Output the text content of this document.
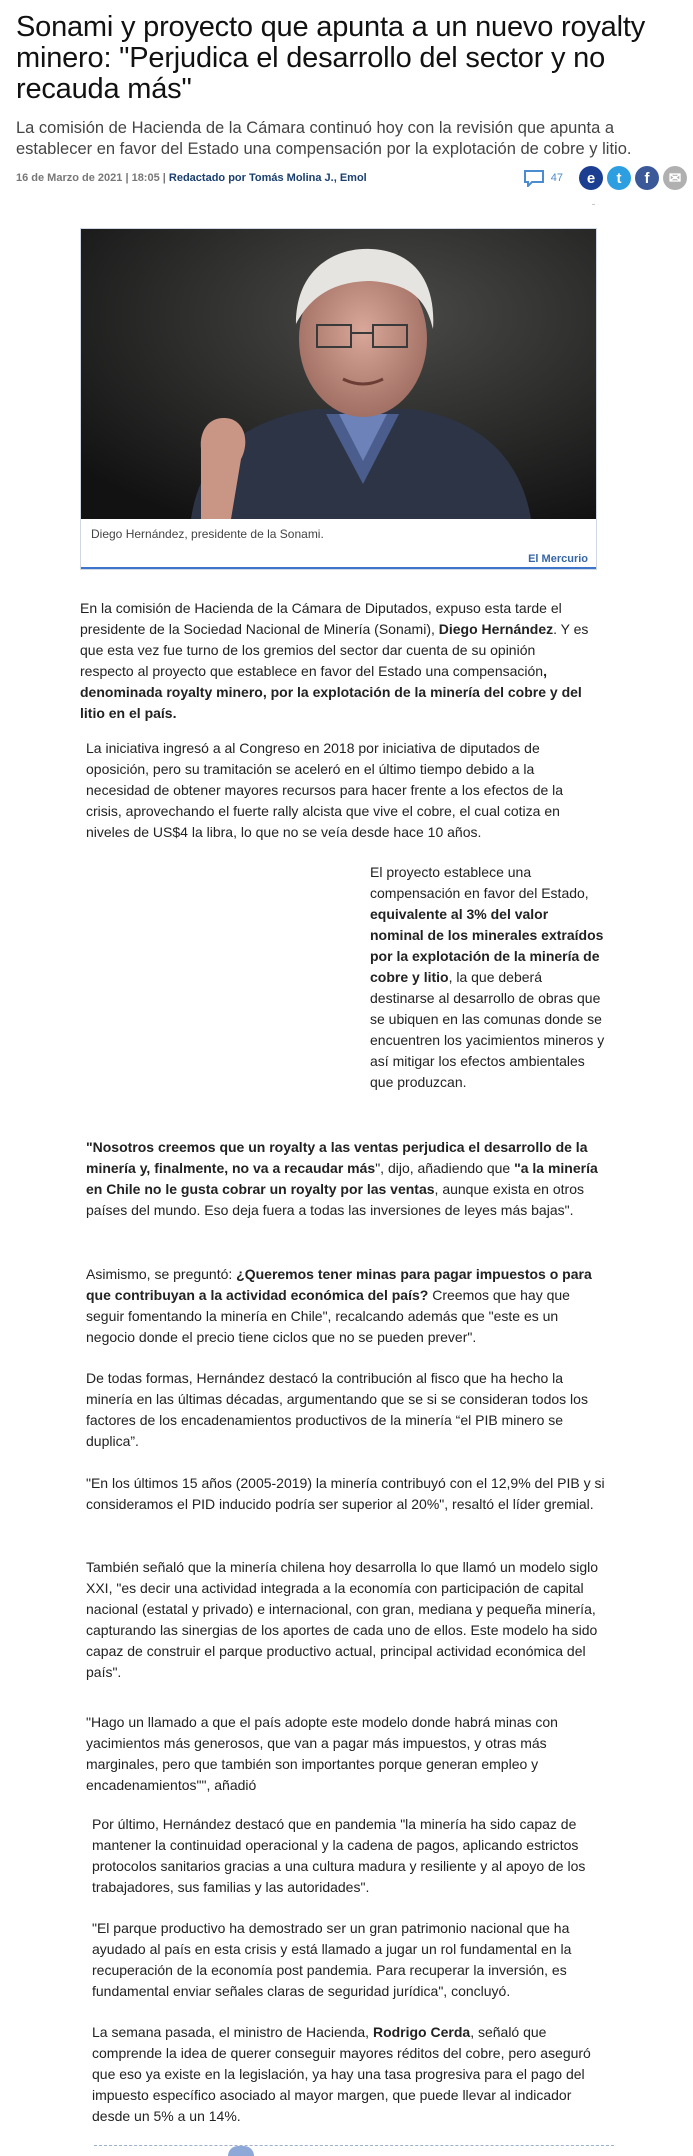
Sonami y proyecto que apunta a un nuevo royalty minero: "Perjudica el desarrollo del sector y no recauda más"

La comisión de Hacienda de la Cámara continuó hoy con la revisión que apunta a establecer en favor del Estado una compensación por la explotación de cobre y litio.

16 de Marzo de 2021 | 18:05 | Redactado por Tomás Molina J., Emol	47	e	t	f	✉
Diego Hernández, presidente de la Sonami.
El Mercurio

En la comisión de Hacienda de la Cámara de Diputados, expuso esta tarde el presidente de la Sociedad Nacional de Minería (Sonami), Diego Hernández. Y es que esta vez fue turno de los gremios del sector dar cuenta de su opinión respecto al proyecto que establece en favor del Estado una compensación, denominada royalty minero, por la explotación de la minería del cobre y del litio en el país.

La iniciativa ingresó a al Congreso en 2018 por iniciativa de diputados de oposición, pero su tramitación se aceleró en el último tiempo debido a la necesidad de obtener mayores recursos para hacer frente a los efectos de la crisis, aprovechando el fuerte rally alcista que vive el cobre, el cual cotiza en niveles de US$4 la libra, lo que no se veía desde hace 10 años.

El proyecto establece una compensación en favor del Estado, equivalente al 3% del valor nominal de los minerales extraídos por la explotación de la minería de cobre y litio, la que deberá destinarse al desarrollo de obras que se ubiquen en las comunas donde se encuentren los yacimientos mineros y así mitigar los efectos ambientales que produzcan.

"Nosotros creemos que un royalty a las ventas perjudica el desarrollo de la minería y, finalmente, no va a recaudar más", dijo, añadiendo que "a la minería en Chile no le gusta cobrar un royalty por las ventas, aunque exista en otros países del mundo. Eso deja fuera a todas las inversiones de leyes más bajas".

Asimismo, se preguntó: ¿Queremos tener minas para pagar impuestos o para que contribuyan a la actividad económica del país? Creemos que hay que seguir fomentando la minería en Chile", recalcando además que "este es un negocio donde el precio tiene ciclos que no se pueden prever".

De todas formas, Hernández destacó la contribución al fisco que ha hecho la minería en las últimas décadas, argumentando que se si se consideran todos los factores de los encadenamientos productivos de la minería “el PIB minero se duplica”.

"En los últimos 15 años (2005-2019) la minería contribuyó con el 12,9% del PIB y si consideramos el PID inducido podría ser superior al 20%", resaltó el líder gremial.

También señaló que la minería chilena hoy desarrolla lo que llamó un modelo siglo XXI, "es decir una actividad integrada a la economía con participación de capital nacional (estatal y privado) e internacional, con gran, mediana y pequeña minería, capturando las sinergias de los aportes de cada uno de ellos. Este modelo ha sido capaz de construir el parque productivo actual, principal actividad económica del país".

"Hago un llamado a que el país adopte este modelo donde habrá minas con yacimientos más generosos, que van a pagar más impuestos, y otras más marginales, pero que también son importantes porque generan empleo y encadenamientos"", añadió

Por último, Hernández destacó que en pandemia "la minería ha sido capaz de mantener la continuidad operacional y la cadena de pagos, aplicando estrictos protocolos sanitarios gracias a una cultura madura y resiliente y al apoyo de los trabajadores, sus familias y las autoridades".

"El parque productivo ha demostrado ser un gran patrimonio nacional que ha ayudado al país en esta crisis y está llamado a jugar un rol fundamental en la recuperación de la economía post pandemia. Para recuperar la inversión, es fundamental enviar señales claras de seguridad jurídica", concluyó.

La semana pasada, el ministro de Hacienda, Rodrigo Cerda, señaló que comprende la idea de querer conseguir mayores réditos del cobre, pero aseguró que eso ya existe en la legislación, ya hay una tasa progresiva para el pago del impuesto específico asociado al mayor margen, que puede llevar al indicador desde un 5% a un 14%.
